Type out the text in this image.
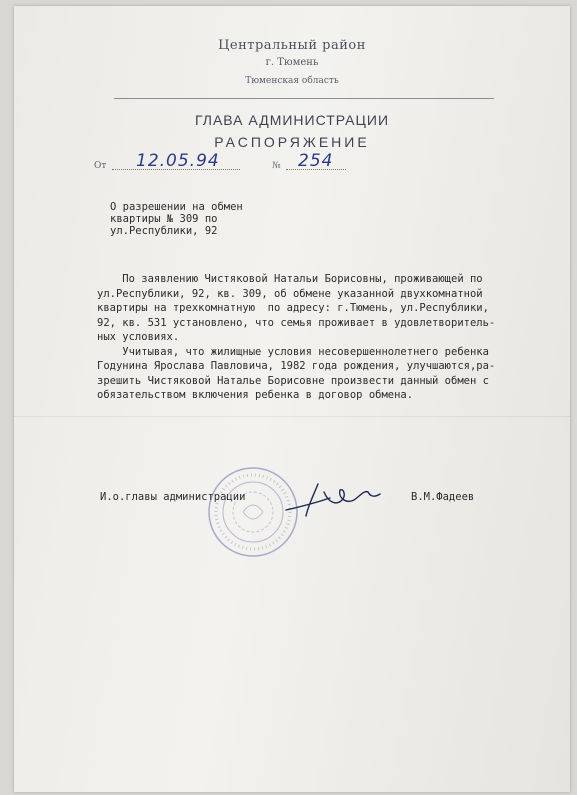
Центральный район
г. Тюмень
Тюменская область
ГЛАВА АДМИНИСТРАЦИИ
РАСПОРЯЖЕНИЕ
От 12.05.94	№ 254
О разрешении на обмен
квартиры № 309 по
ул.Республики, 92
По заявлению Чистяковой Натальи Борисовны, проживающей по
ул.Республики, 92, кв. 309, об обмене указанной двухкомнатной
квартиры на трехкомнатную  по адресу: г.Тюмень, ул.Республики,
92, кв. 531 установлено, что семья проживает в удовлетворитель-
ных условиях.
Учитывая, что жилищные условия несовершеннолетнего ребенка
Годунина Ярослава Павловича, 1982 года рождения, улучшаются,ра-
зрешить Чистяковой Наталье Борисовне произвести данный обмен с
обязательством включения ребенка в договор обмена.
И.о.главы администрации	В.М.Фадеев
